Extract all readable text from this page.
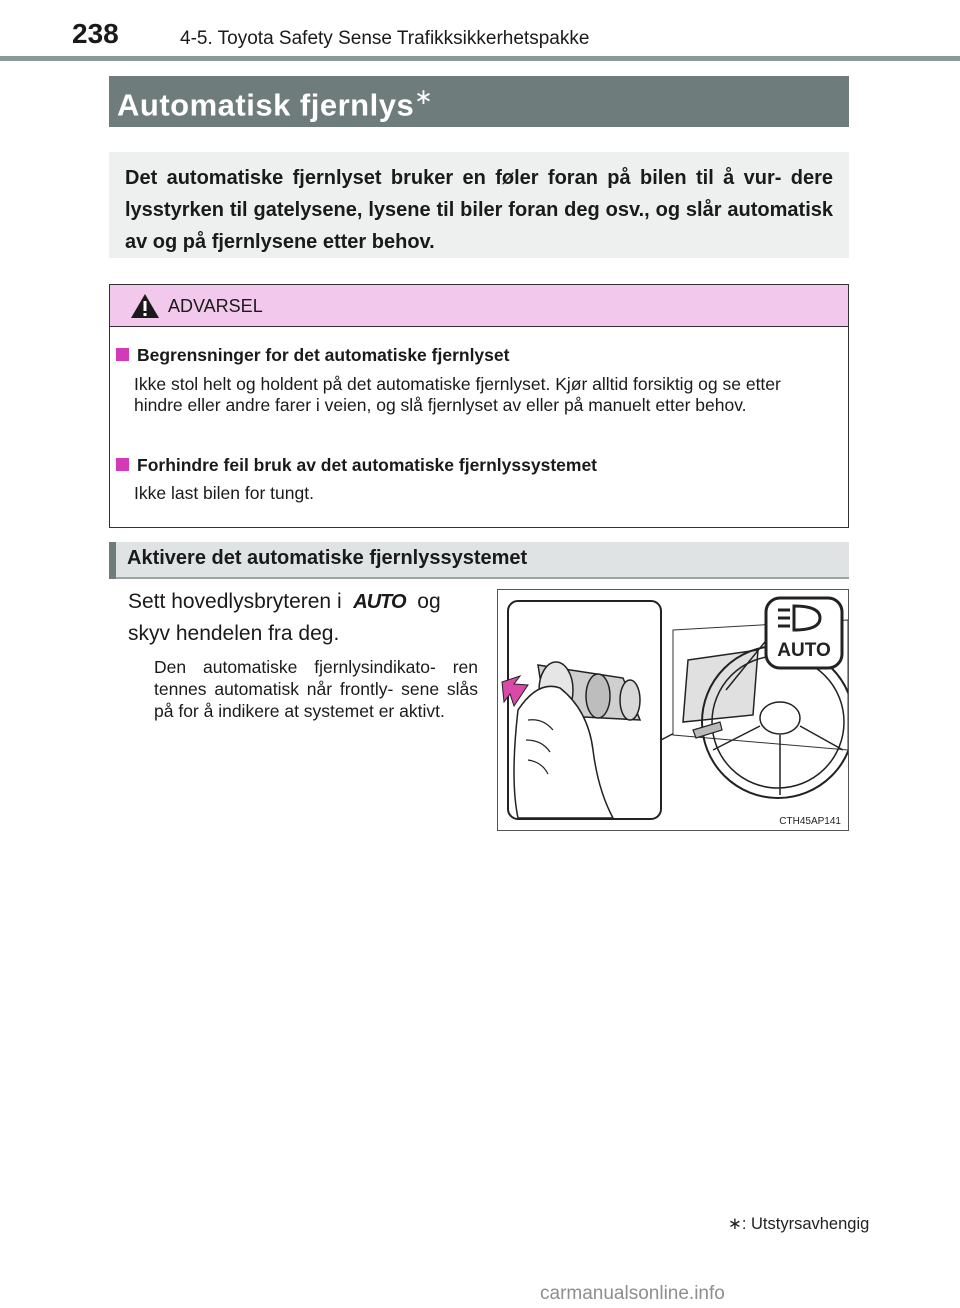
238	4-5. Toyota Safety Sense Trafikksikkerhetspakke
Automatisk fjernlys∗

Det automatiske fjernlyset bruker en føler foran på bilen til å vur- dere lysstyrken til gatelysene, lysene til biler foran deg osv., og slår automatisk av og på fjernlysene etter behov.

ADVARSEL
Begrensninger for det automatiske fjernlyset
Ikke stol helt og holdent på det automatiske fjernlyset. Kjør alltid forsiktig og se etter hindre eller andre farer i veien, og slå fjernlyset av eller på manuelt etter behov.
Forhindre feil bruk av det automatiske fjernlyssystemet
Ikke last bilen for tungt.
Aktivere det automatiske fjernlyssystemet
Sett hovedlysbryteren i AUTO og skyv hendelen fra deg.
Den automatiske fjernlysindikato- ren tennes automatisk når frontly- sene slås på for å indikere at systemet er aktivt.
AUTO
CTH45AP141
∗: Utstyrsavhengig
carmanualsonline.info
